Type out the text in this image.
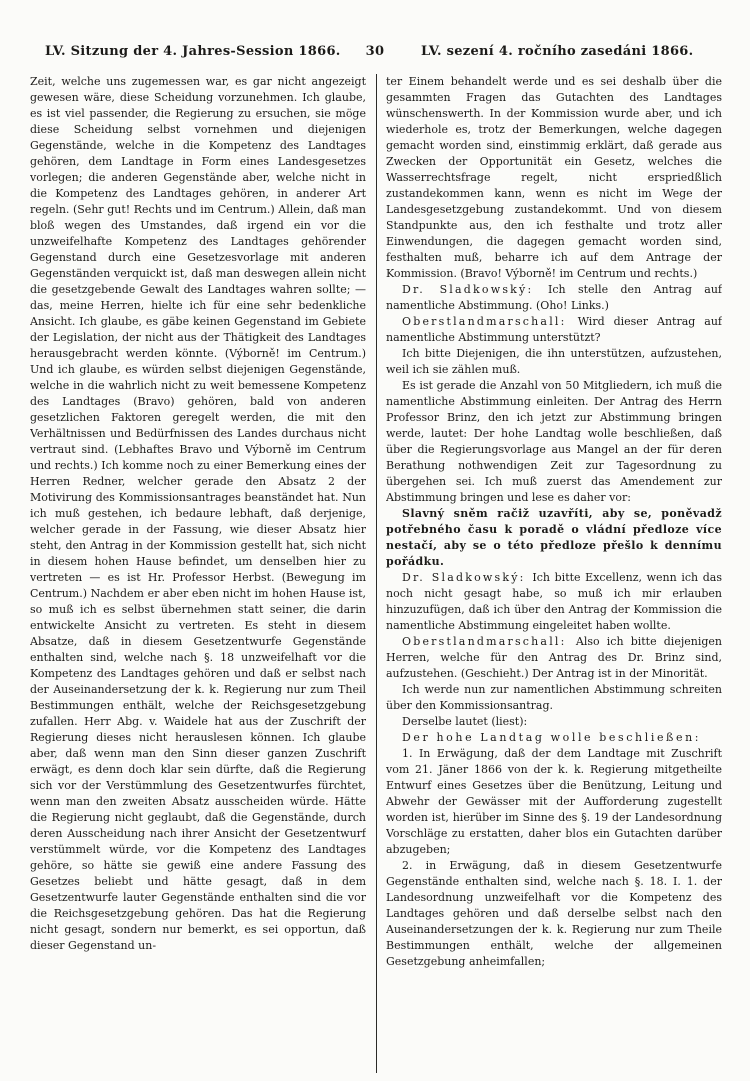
LV. Sitzung der 4. Jahres-Session 1866.	30	LV. sezení 4. ročního zasedáni 1866.

Zeit, welche uns zugemessen war, es gar nicht angezeigt gewesen wäre, diese Scheidung vorzunehmen. Ich glaube, es ist viel passender, die Regierung zu ersuchen, sie möge diese Scheidung selbst vornehmen und diejenigen Gegenstände, welche in die Kompetenz des Landtages gehören, dem Landtage in Form eines Landesgesetzes vorlegen; die anderen Gegenstände aber, welche nicht in die Kompetenz des Landtages gehören, in anderer Art regeln. (Sehr gut! Rechts und im Centrum.) Allein, daß man bloß wegen des Umstandes, daß irgend ein vor die unzweifelhafte Kompetenz des Landtages gehörender Gegenstand durch eine Gesetzesvorlage mit anderen Gegenständen verquickt ist, daß man deswegen allein nicht die gesetzgebende Gewalt des Landtages wahren sollte; — das, meine Herren, hielte ich für eine sehr bedenkliche Ansicht. Ich glaube, es gäbe keinen Gegenstand im Gebiete der Legislation, der nicht aus der Thätigkeit des Landtages herausgebracht werden könnte. (Výborně! im Centrum.) Und ich glaube, es würden selbst diejenigen Gegenstände, welche in die wahrlich nicht zu weit bemessene Kompetenz des Landtages (Bravo) gehören, bald von anderen gesetzlichen Faktoren geregelt werden, die mit den Verhältnissen und Bedürfnissen des Landes durchaus nicht vertraut sind. (Lebhaftes Bravo und Výborně im Centrum und rechts.) Ich komme noch zu einer Bemerkung eines der Herren Redner, welcher gerade den Absatz 2 der Motivirung des Kommissionsantrages beanständet hat. Nun ich muß gestehen, ich bedaure lebhaft, daß derjenige, welcher gerade in der Fassung, wie dieser Absatz hier steht, den Antrag in der Kommission gestellt hat, sich nicht in diesem hohen Hause befindet, um denselben hier zu vertreten — es ist Hr. Professor Herbst. (Bewegung im Centrum.) Nachdem er aber eben nicht im hohen Hause ist, so muß ich es selbst übernehmen statt seiner, die darin entwickelte Ansicht zu vertreten. Es steht in diesem Absatze, daß in diesem Gesetzentwurfe Gegenstände enthalten sind, welche nach §. 18 unzweifelhaft vor die Kompetenz des Landtages gehören und daß er selbst nach der Auseinandersetzung der k. k. Regierung nur zum Theil Bestimmungen enthält, welche der Reichsgesetzgebung zufallen. Herr Abg. v. Waidele hat aus der Zuschrift der Regierung dieses nicht herauslesen können. Ich glaube aber, daß wenn man den Sinn dieser ganzen Zuschrift erwägt, es denn doch klar sein dürfte, daß die Regierung sich vor der Verstümmlung des Gesetzentwurfes fürchtet, wenn man den zweiten Absatz ausscheiden würde. Hätte die Regierung nicht geglaubt, daß die Gegenstände, durch deren Ausscheidung nach ihrer Ansicht der Gesetzentwurf verstümmelt würde, vor die Kompetenz des Landtages gehöre, so hätte sie gewiß eine andere Fassung des Gesetzes beliebt und hätte gesagt, daß in dem Gesetzentwurfe lauter Gegenstände enthalten sind die vor die Reichsgesetzgebung gehören. Das hat die Regierung nicht gesagt, sondern nur bemerkt, es sei opportun, daß dieser Gegenstand un-

ter Einem behandelt werde und es sei deshalb über die gesammten Fragen das Gutachten des Landtages wünschenswerth. In der Kommission wurde aber, und ich wiederhole es, trotz der Bemerkungen, welche dagegen gemacht worden sind, einstimmig erklärt, daß gerade aus Zwecken der Opportunität ein Gesetz, welches die Wasserrechtsfrage regelt, nicht erspriedßlich zustandekommen kann, wenn es nicht im Wege der Landesgesetzgebung zustandekommt. Und von diesem Standpunkte aus, den ich festhalte und trotz aller Einwendungen, die dagegen gemacht worden sind, festhalten muß, beharre ich auf dem Antrage der Kommission. (Bravo! Výborně! im Centrum und rechts.)

Dr. Sladkowský: Ich stelle den Antrag auf namentliche Abstimmung. (Oho! Links.)

Oberstlandmarschall: Wird dieser Antrag auf namentliche Abstimmung unterstützt?

Ich bitte Diejenigen, die ihn unterstützen, aufzustehen, weil ich sie zählen muß.

Es ist gerade die Anzahl von 50 Mitgliedern, ich muß die namentliche Abstimmung einleiten. Der Antrag des Herrn Professor Brinz, den ich jetzt zur Abstimmung bringen werde, lautet: Der hohe Landtag wolle beschließen, daß über die Regierungsvorlage aus Mangel an der für deren Berathung nothwendigen Zeit zur Tagesordnung zu übergehen sei. Ich muß zuerst das Amendement zur Abstimmung bringen und lese es daher vor:

Slavný sněm račiž uzavříti, aby se, poněvadž potřebného času k poradě o vládní předloze více nestačí, aby se o této předloze přešlo k dennímu pořádku.

Dr. Sladkowský: Ich bitte Excellenz, wenn ich das noch nicht gesagt habe, so muß ich mir erlauben hinzuzufügen, daß ich über den Antrag der Kommission die namentliche Abstimmung eingeleitet haben wollte.

Oberstlandmarschall: Also ich bitte diejenigen Herren, welche für den Antrag des Dr. Brinz sind, aufzustehen. (Geschieht.) Der Antrag ist in der Minorität.

Ich werde nun zur namentlichen Abstimmung schreiten über den Kommissionsantrag.

Derselbe lautet (liest):

Der hohe Landtag wolle beschließen:

1. In Erwägung, daß der dem Landtage mit Zuschrift vom 21. Jäner 1866 von der k. k. Regierung mitgetheilte Entwurf eines Gesetzes über die Benützung, Leitung und Abwehr der Gewässer mit der Aufforderung zugestellt worden ist, hierüber im Sinne des §. 19 der Landesordnung Vorschläge zu erstatten, daher blos ein Gutachten darüber abzugeben;

2. in Erwägung, daß in diesem Gesetzentwurfe Gegenstände enthalten sind, welche nach §. 18. I. 1. der Landesordnung unzweifelhaft vor die Kompetenz des Landtages gehören und daß derselbe selbst nach den Auseinandersetzungen der k. k. Regierung nur zum Theile Bestimmungen enthält, welche der allgemeinen Gesetzgebung anheimfallen;
